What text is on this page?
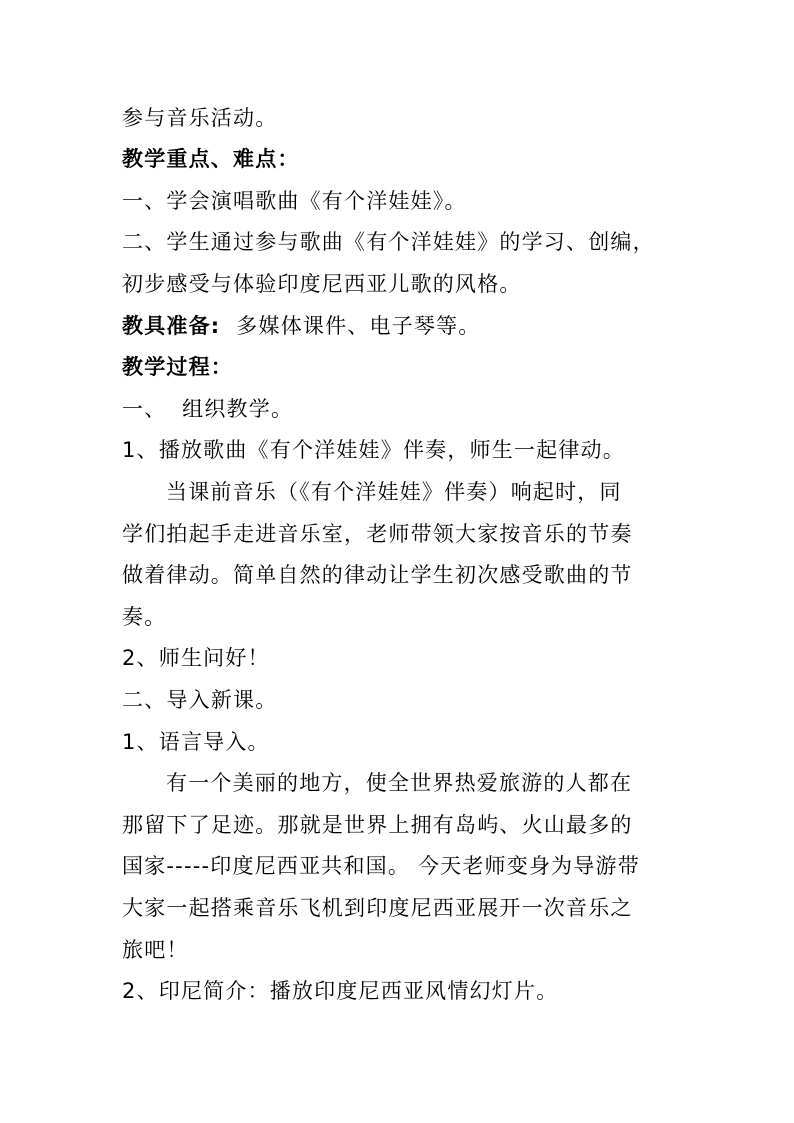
参与音乐活动。
教学重点、难点：
一、学会演唱歌曲《有个洋娃娃》。
二、学生通过参与歌曲《有个洋娃娃》的学习、创编，
初步感受与体验印度尼西亚儿歌的风格。
教具准备: 多媒体课件、电子琴等。
教学过程：
一、  组织教学。
1、播放歌曲《有个洋娃娃》伴奏，师生一起律动。
当课前音乐（《有个洋娃娃》伴奏）响起时，同
学们拍起手走进音乐室，老师带领大家按音乐的节奏
做着律动。简单自然的律动让学生初次感受歌曲的节
奏。
2、师生问好！
二、导入新课。
1、语言导入。
有一个美丽的地方，使全世界热爱旅游的人都在
那留下了足迹。那就是世界上拥有岛屿、火山最多的
国家-----印度尼西亚共和国。 今天老师变身为导游带
大家一起搭乘音乐飞机到印度尼西亚展开一次音乐之
旅吧！
2、印尼简介：播放印度尼西亚风情幻灯片。
